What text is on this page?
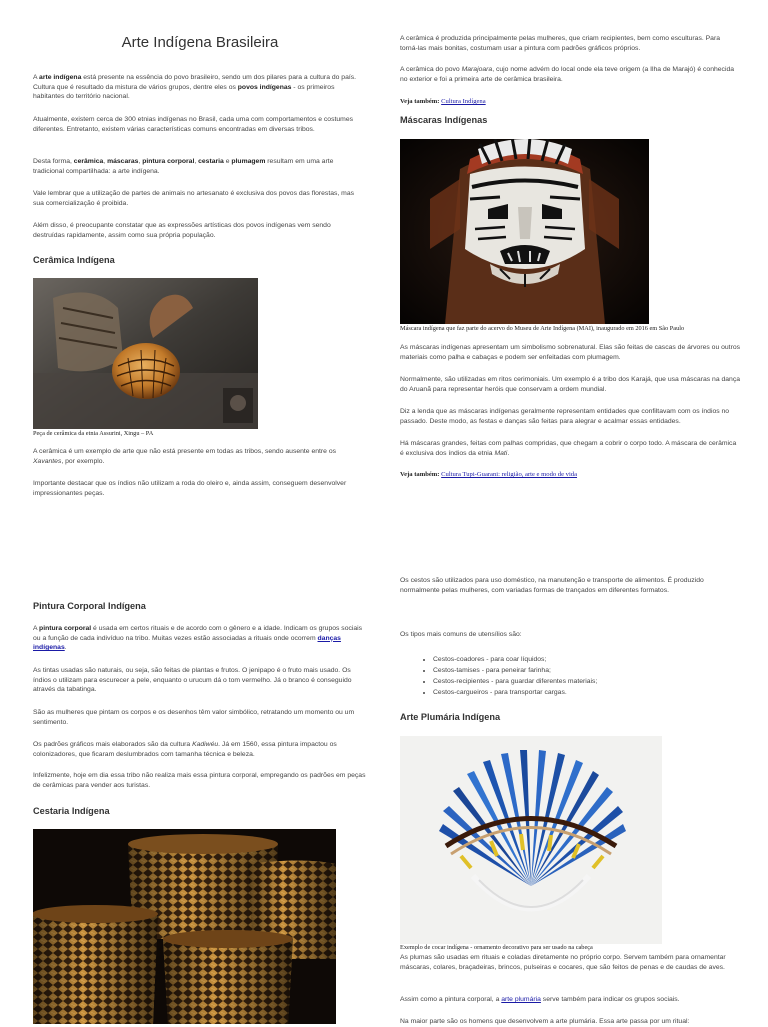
Arte Indígena Brasileira
A arte indígena está presente na essência do povo brasileiro, sendo um dos pilares para a cultura do país. Cultura que é resultado da mistura de vários grupos, dentre eles os povos indígenas - os primeiros habitantes do território nacional.

Atualmente, existem cerca de 300 etnias indígenas no Brasil, cada uma com comportamentos e costumes diferentes. Entretanto, existem várias características comuns encontradas em diversas tribos.

Desta forma, cerâmica, máscaras, pintura corporal, cestaria e plumagem resultam em uma arte tradicional compartilhada: a arte indígena.

Vale lembrar que a utilização de partes de animais no artesanato é exclusiva dos povos das florestas, mas sua comercialização é proibida.

Além disso, é preocupante constatar que as expressões artísticas dos povos indígenas vem sendo destruídas rapidamente, assim como sua própria população.

Cerâmica Indígena
Peça de cerâmica da etnia Assurini, Xingu – PA
A cerâmica é um exemplo de arte que não está presente em todas as tribos, sendo ausente entre os Xavantes, por exemplo.

Importante destacar que os índios não utilizam a roda do oleiro e, ainda assim, conseguem desenvolver impressionantes peças.

A cerâmica é produzida principalmente pelas mulheres, que criam recipientes, bem como esculturas. Para torná-las mais bonitas, costumam usar a pintura com padrões gráficos próprios.

A cerâmica do povo Marajoara, cujo nome advém do local onde ela teve origem (a Ilha de Marajó) é conhecida no exterior e foi a primeira arte de cerâmica brasileira.
Veja também: Cultura Indígena
Máscaras Indígenas
Máscara indígena que faz parte do acervo do Museu de Arte Indígena (MAI), inaugurado em 2016 em São Paulo

As máscaras indígenas apresentam um simbolismo sobrenatural. Elas são feitas de cascas de árvores ou outros materiais como palha e cabaças e podem ser enfeitadas com plumagem.

Normalmente, são utilizadas em ritos cerimoniais. Um exemplo é a tribo dos Karajá, que usa máscaras na dança do Aruanã para representar heróis que conservam a ordem mundial.

Diz a lenda que as máscaras indígenas geralmente representam entidades que confiltavam com os índios no passado. Deste modo, as festas e danças são feitas para alegrar e acalmar essas entidades.

Há máscaras grandes, feitas com palhas compridas, que chegam a cobrir o corpo todo. A máscara de cerâmica é exclusiva dos índios da etnia Mati.
Veja também: Cultura Tupi-Guarani: religião, arte e modo de vida
Pintura Corporal Indígena
A pintura corporal é usada em certos rituais e de acordo com o gênero e a idade. Indicam os grupos sociais ou a função de cada indivíduo na tribo. Muitas vezes estão associadas a rituais onde ocorrem danças indígenas.

As tintas usadas são naturais, ou seja, são feitas de plantas e frutos. O jenipapo é o fruto mais usado. Os índios o utilizam para escurecer a pele, enquanto o urucum dá o tom vermelho. Já o branco é conseguido através da tabatinga.

São as mulheres que pintam os corpos e os desenhos têm valor simbólico, retratando um momento ou um sentimento.

Os padrões gráficos mais elaborados são da cultura Kadiwéu. Já em 1560, essa pintura impactou os colonizadores, que ficaram deslumbrados com tamanha técnica e beleza.

Infelizmente, hoje em dia essa tribo não realiza mais essa pintura corporal, empregando os padrões em peças de cerâmicas para vender aos turistas.

Cestaria Indígena

Os cestos são utilizados para uso doméstico, na manutenção e transporte de alimentos. É produzido normalmente pelas mulheres, com variadas formas de trançados em diferentes formatos.

Os tipos mais comuns de utensílios são:

• Cestos-coadores - para coar líquidos;
• Cestos-tamises - para peneirar farinha;
• Cestos-recipientes - para guardar diferentes materiais;
• Cestos-cargueiros - para transportar cargas.
Arte Plumária Indígena
Exemplo de cocar indígena - ornamento decorativo para ser usado na cabeça

As plumas são usadas em rituais e coladas diretamente no próprio corpo. Servem também para ornamentar máscaras, colares, braçadeiras, brincos, pulseiras e cocares, que são feitos de penas e de caudas de aves.

Assim como a pintura corporal, a arte plumária serve também para indicar os grupos sociais.

Na maior parte são os homens que desenvolvem a arte plumária. Essa arte passa por um ritual:
